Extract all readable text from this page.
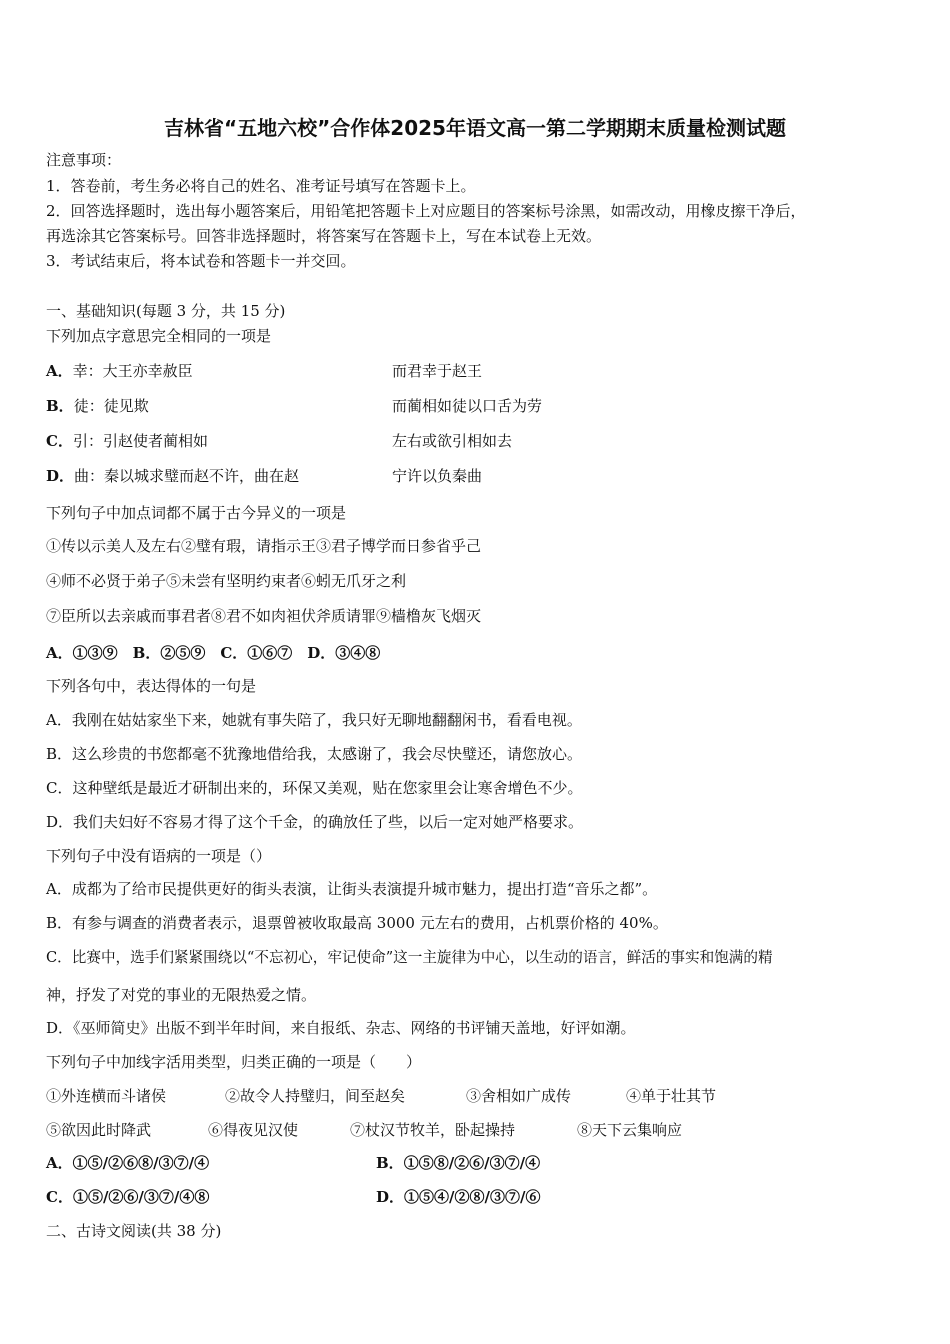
吉林省“五地六校”合作体2025年语文高一第二学期期末质量检测试题
注意事项：
1．答卷前，考生务必将自己的姓名、准考证号填写在答题卡上。
2．回答选择题时，选出每小题答案后，用铅笔把答题卡上对应题目的答案标号涂黑，如需改动，用橡皮擦干净后，
再选涂其它答案标号。回答非选择题时，将答案写在答题卡上，写在本试卷上无效。
3．考试结束后，将本试卷和答题卡一并交回。
一、基础知识(每题 3 分，共 15 分)
下列加点字意思完全相同的一项是
A．幸：大王亦幸赦臣	而君幸于赵王
B．徒：徒见欺	而蔺相如徒以口舌为劳
C．引：引赵使者蔺相如	左右或欲引相如去
D．曲：秦以城求璧而赵不许，曲在赵	宁许以负秦曲
下列句子中加点词都不属于古今异义的一项是
①传以示美人及左右②璧有瑕，请指示王③君子博学而日参省乎己
④师不必贤于弟子⑤未尝有坚明约束者⑥蚓无爪牙之利
⑦臣所以去亲戚而事君者⑧君不如肉袒伏斧质请罪⑨樯橹灰飞烟灭
A．①③⑨　B．②⑤⑨　C．①⑥⑦　D．③④⑧
下列各句中，表达得体的一句是
A．我刚在姑姑家坐下来，她就有事失陪了，我只好无聊地翻翻闲书，看看电视。
B．这么珍贵的书您都毫不犹豫地借给我，太感谢了，我会尽快璧还，请您放心。
C．这种壁纸是最近才研制出来的，环保又美观，贴在您家里会让寒舍增色不少。
D．我们夫妇好不容易才得了这个千金，的确放任了些，以后一定对她严格要求。
下列句子中没有语病的一项是（）
A．成都为了给市民提供更好的街头表演，让街头表演提升城市魅力，提出打造“音乐之都”。
B．有参与调查的消费者表示，退票曾被收取最高 3000 元左右的费用，占机票价格的 40%。
C．比赛中，选手们紧紧围绕以“不忘初心，牢记使命”这一主旋律为中心，以生动的语言，鲜活的事实和饱满的精
神，抒发了对党的事业的无限热爱之情。
D．《巫师简史》出版不到半年时间，来自报纸、杂志、网络的书评铺天盖地，好评如潮。
下列句子中加线字活用类型，归类正确的一项是（　　）
①外连横而斗诸侯	②故令人持璧归，间至赵矣	③舍相如广成传	④单于壮其节
⑤欲因此时降武	⑥得夜见汉使	⑦杖汉节牧羊，卧起操持	⑧天下云集响应
A．①⑤/②⑥⑧/③⑦/④	B．①⑤⑧/②⑥/③⑦/④
C．①⑤/②⑥/③⑦/④⑧	D．①⑤④/②⑧/③⑦/⑥
二、古诗文阅读(共 38 分)
